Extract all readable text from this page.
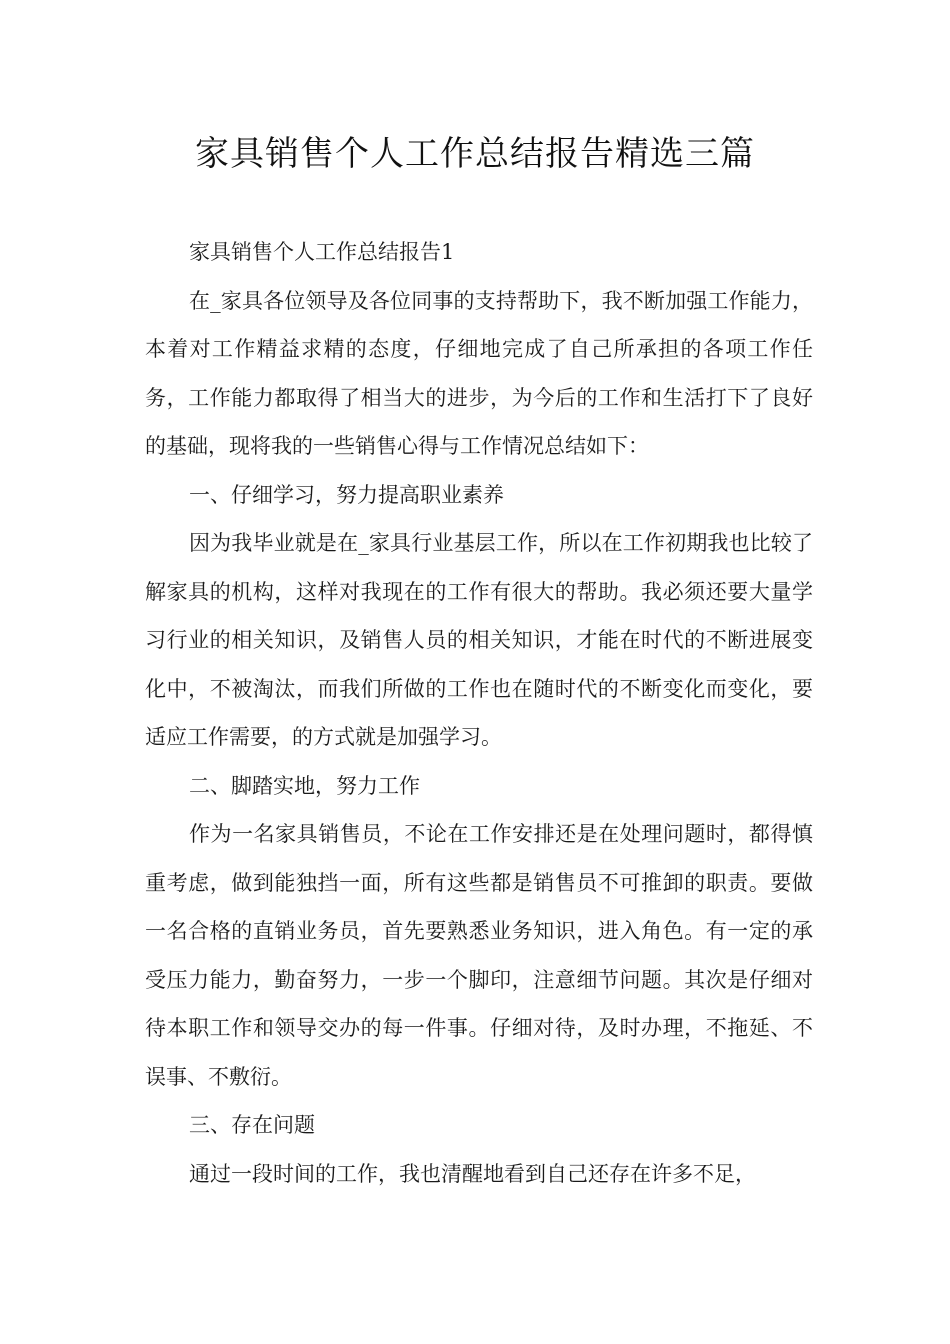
家具销售个人工作总结报告精选三篇

家具销售个人工作总结报告1

在_家具各位领导及各位同事的支持帮助下，我不断加强工作能力，本着对工作精益求精的态度，仔细地完成了自己所承担的各项工作任务，工作能力都取得了相当大的进步，为今后的工作和生活打下了良好的基础，现将我的一些销售心得与工作情况总结如下：

一、仔细学习，努力提高职业素养

因为我毕业就是在_家具行业基层工作，所以在工作初期我也比较了解家具的机构，这样对我现在的工作有很大的帮助。我必须还要大量学习行业的相关知识，及销售人员的相关知识，才能在时代的不断进展变化中，不被淘汰，而我们所做的工作也在随时代的不断变化而变化，要适应工作需要，的方式就是加强学习。

二、脚踏实地，努力工作

作为一名家具销售员，不论在工作安排还是在处理问题时，都得慎重考虑，做到能独挡一面，所有这些都是销售员不可推卸的职责。要做一名合格的直销业务员，首先要熟悉业务知识，进入角色。有一定的承受压力能力，勤奋努力，一步一个脚印，注意细节问题。其次是仔细对待本职工作和领导交办的每一件事。仔细对待，及时办理，不拖延、不误事、不敷衍。

三、存在问题

通过一段时间的工作，我也清醒地看到自己还存在许多不足，
